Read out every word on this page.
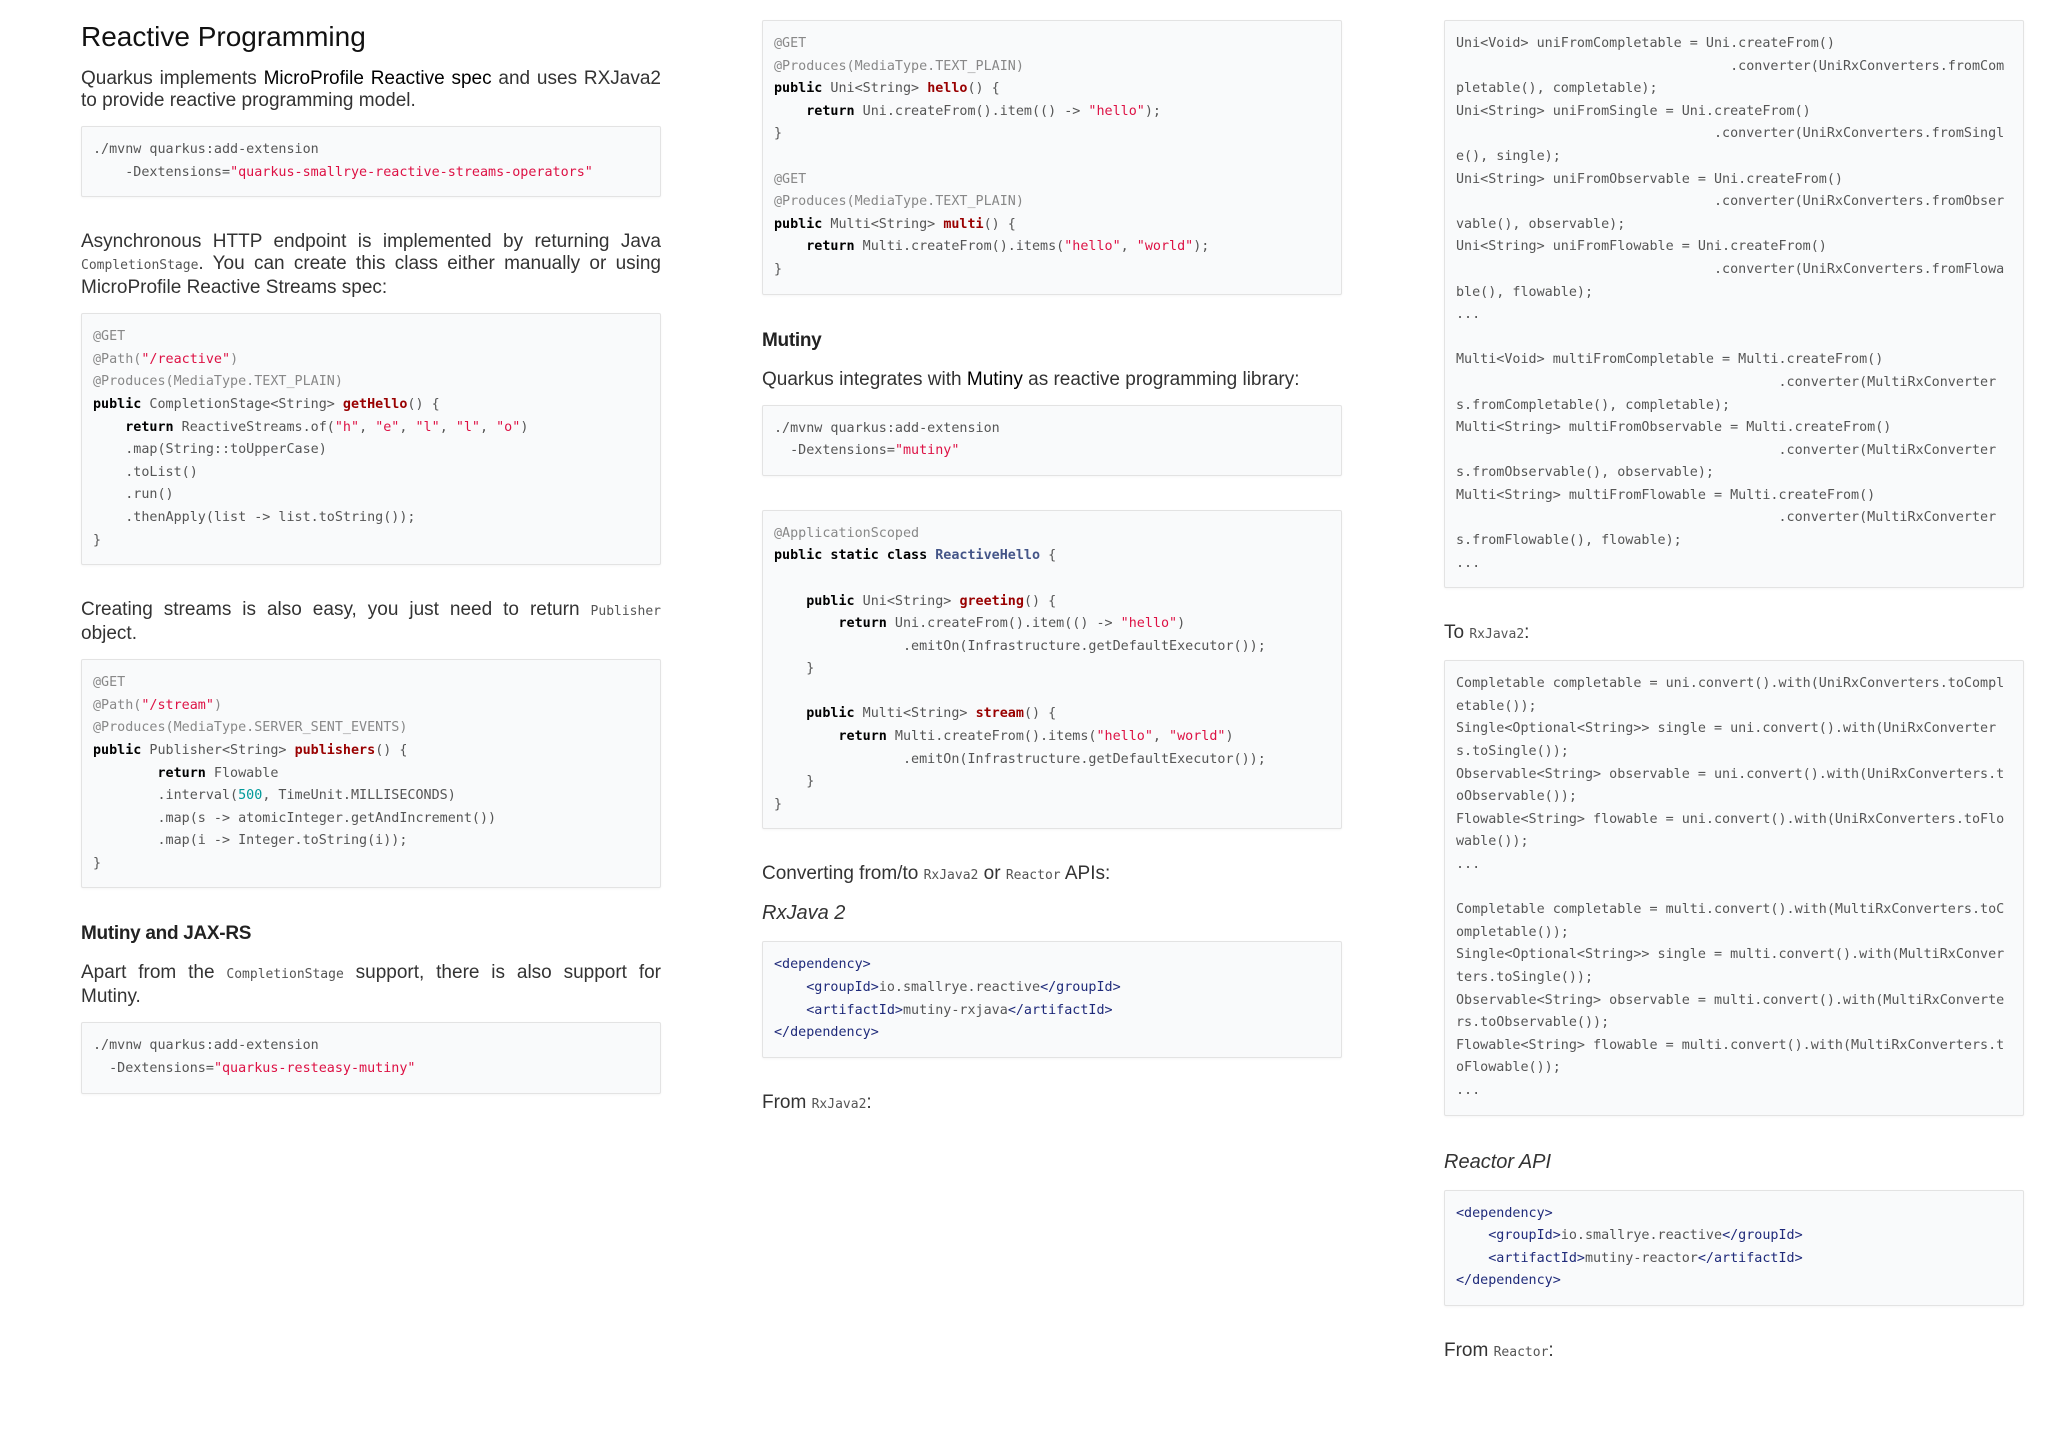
Reactive Programming
Quarkus implements MicroProfile Reactive spec and uses RXJava2 to provide reactive programming model.
./mvnw quarkus:add-extension
-Dextensions="quarkus-smallrye-reactive-streams-operators"
Asynchronous HTTP endpoint is implemented by returning Java CompletionStage. You can create this class either manually or using MicroProfile Reactive Streams spec:
@GET
@Path("/reactive")
@Produces(MediaType.TEXT_PLAIN)
public CompletionStage<String> getHello() {
return ReactiveStreams.of("h", "e", "l", "l", "o")
.map(String::toUpperCase)
.toList()
.run()
.thenApply(list -> list.toString());
}
Creating streams is also easy, you just need to return Publisher object.
@GET
@Path("/stream")
@Produces(MediaType.SERVER_SENT_EVENTS)
public Publisher<String> publishers() {
return Flowable
.interval(500, TimeUnit.MILLISECONDS)
.map(s -> atomicInteger.getAndIncrement())
.map(i -> Integer.toString(i));
}
Mutiny and JAX-RS
Apart from the CompletionStage support, there is also support for Mutiny.
./mvnw quarkus:add-extension
-Dextensions="quarkus-resteasy-mutiny"
@GET
@Produces(MediaType.TEXT_PLAIN)
public Uni<String> hello() {
return Uni.createFrom().item(() -> "hello");
}

@GET
@Produces(MediaType.TEXT_PLAIN)
public Multi<String> multi() {
return Multi.createFrom().items("hello", "world");
}
Mutiny
Quarkus integrates with Mutiny as reactive programming library:
./mvnw quarkus:add-extension
-Dextensions="mutiny"
@ApplicationScoped
public static class ReactiveHello {

public Uni<String> greeting() {
return Uni.createFrom().item(() -> "hello")
.emitOn(Infrastructure.getDefaultExecutor());
}

public Multi<String> stream() {
return Multi.createFrom().items("hello", "world")
.emitOn(Infrastructure.getDefaultExecutor());
}
}
Converting from/to RxJava2 or Reactor APIs:
RxJava 2
<dependency>
<groupId>io.smallrye.reactive</groupId>
<artifactId>mutiny-rxjava</artifactId>
</dependency>
From RxJava2:
Uni<Void> uniFromCompletable = Uni.createFrom()
.converter(UniRxConverters.fromCompletable(), completable);
Uni<String> uniFromSingle = Uni.createFrom()
.converter(UniRxConverters.fromSingle(), single);
Uni<String> uniFromObservable = Uni.createFrom()
.converter(UniRxConverters.fromObservable(), observable);
Uni<String> uniFromFlowable = Uni.createFrom()
.converter(UniRxConverters.fromFlowable(), flowable);
...

Multi<Void> multiFromCompletable = Multi.createFrom()
.converter(MultiRxConverters.fromCompletable(), completable);
Multi<String> multiFromObservable = Multi.createFrom()
.converter(MultiRxConverters.fromObservable(), observable);
Multi<String> multiFromFlowable = Multi.createFrom()
.converter(MultiRxConverters.fromFlowable(), flowable);
...
To RxJava2:
Completable completable = uni.convert().with(UniRxConverters.toCompletable());
Single<Optional<String>> single = uni.convert().with(UniRxConverters.toSingle());
Observable<String> observable = uni.convert().with(UniRxConverters.toObservable());
Flowable<String> flowable = uni.convert().with(UniRxConverters.toFlowable());
...

Completable completable = multi.convert().with(MultiRxConverters.toCompletable());
Single<Optional<String>> single = multi.convert().with(MultiRxConverters.toSingle());
Observable<String> observable = multi.convert().with(MultiRxConverters.toObservable());
Flowable<String> flowable = multi.convert().with(MultiRxConverters.toFlowable());
...
Reactor API
<dependency>
<groupId>io.smallrye.reactive</groupId>
<artifactId>mutiny-reactor</artifactId>
</dependency>
From Reactor:
